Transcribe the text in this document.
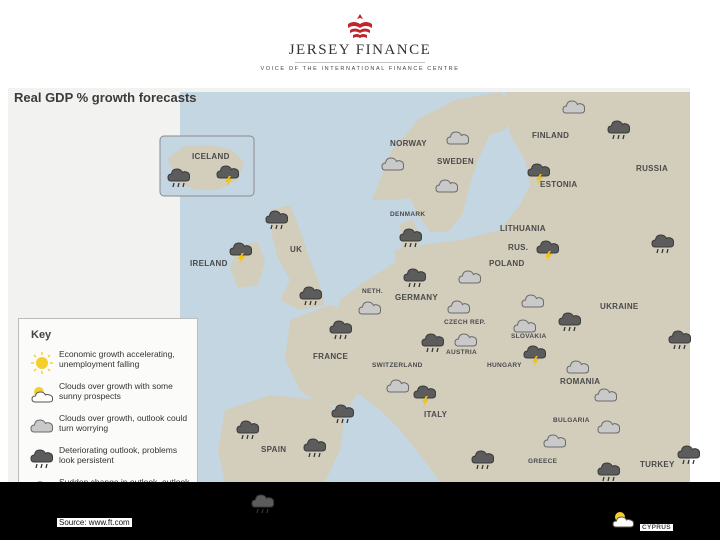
JERSEY FINANCE
VOICE OF THE INTERNATIONAL FINANCE CENTRE
Real GDP % growth forecasts
ICELAND
NORWAY
SWEDEN
FINLAND
RUSSIA
ESTONIA
DENMARK
LITHUANIA
RUS.
UK
IRELAND	POLAND
NETH.
GERMANY
UKRAINE
CZECH REP.
SLOVAKIA
FRANCE	AUSTRIA
SWITZERLAND	HUNGARY
ROMANIA
ITALY
BULGARIA
SPAIN
GREECE	TURKEY
Key
Economic growth accelerating, unemployment falling
Clouds over growth with some sunny prospects
Clouds over growth, outlook could turn worrying
Deteriorating outlook, problems look persistent
CYPRUS
Source: www.ft.com
